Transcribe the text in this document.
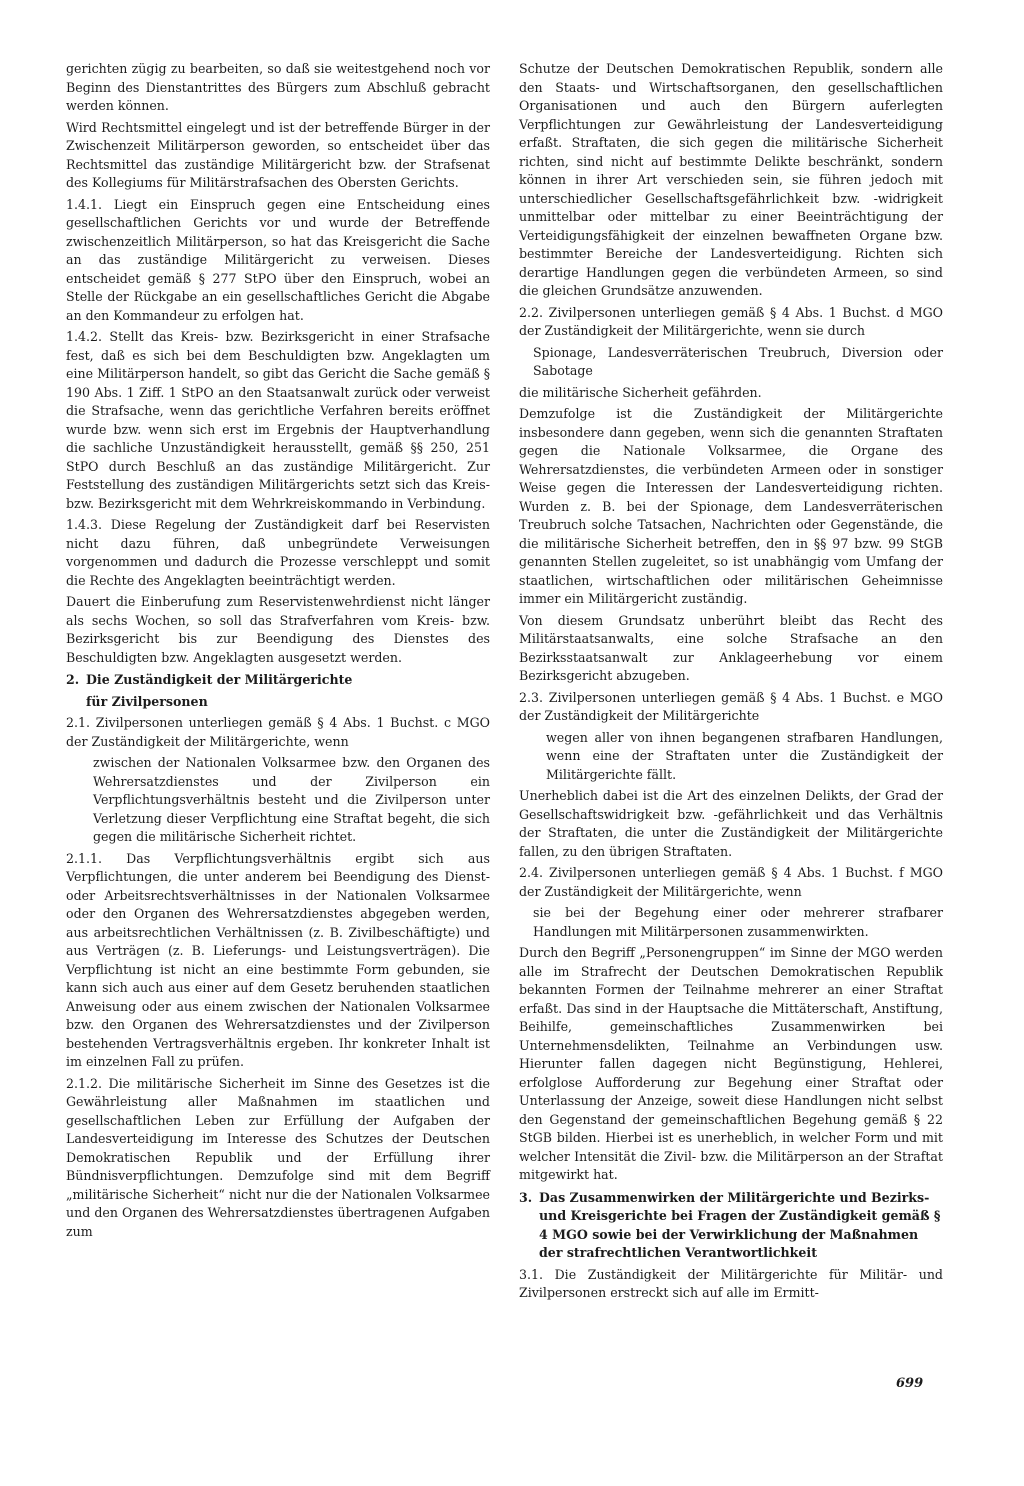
gerichten zügig zu bearbeiten, so daß sie weitestgehend noch vor Beginn des Dienstantrittes des Bürgers zum Abschluß gebracht werden können.

Wird Rechtsmittel eingelegt und ist der betreffende Bürger in der Zwischenzeit Militärperson geworden, so entscheidet über das Rechtsmittel das zuständige Militärgericht bzw. der Strafsenat des Kollegiums für Militärstrafsachen des Obersten Gerichts.

1.4.1. Liegt ein Einspruch gegen eine Entscheidung eines gesellschaftlichen Gerichts vor und wurde der Betreffende zwischenzeitlich Militärperson, so hat das Kreisgericht die Sache an das zuständige Militärgericht zu verweisen. Dieses entscheidet gemäß § 277 StPO über den Einspruch, wobei an Stelle der Rückgabe an ein gesellschaftliches Gericht die Abgabe an den Kommandeur zu erfolgen hat.

1.4.2. Stellt das Kreis- bzw. Bezirksgericht in einer Strafsache fest, daß es sich bei dem Beschuldigten bzw. Angeklagten um eine Militärperson handelt, so gibt das Gericht die Sache gemäß § 190 Abs. 1 Ziff. 1 StPO an den Staatsanwalt zurück oder verweist die Strafsache, wenn das gerichtliche Verfahren bereits eröffnet wurde bzw. wenn sich erst im Ergebnis der Hauptverhandlung die sachliche Unzuständigkeit herausstellt, gemäß §§ 250, 251 StPO durch Beschluß an das zuständige Militärgericht. Zur Feststellung des zuständigen Militärgerichts setzt sich das Kreis- bzw. Bezirksgericht mit dem Wehrkreiskommando in Verbindung.

1.4.3. Diese Regelung der Zuständigkeit darf bei Reservisten nicht dazu führen, daß unbegründete Verweisungen vorgenommen und dadurch die Prozesse verschleppt und somit die Rechte des Angeklagten beeinträchtigt werden.

Dauert die Einberufung zum Reservistenwehrdienst nicht länger als sechs Wochen, so soll das Strafverfahren vom Kreis- bzw. Bezirksgericht bis zur Beendigung des Dienstes des Beschuldigten bzw. Angeklagten ausgesetzt werden.

2. Die Zuständigkeit der Militärgerichte
für Zivilpersonen

2.1. Zivilpersonen unterliegen gemäß § 4 Abs. 1 Buchst. c MGO der Zuständigkeit der Militärgerichte, wenn

zwischen der Nationalen Volksarmee bzw. den Organen des Wehrersatzdienstes und der Zivilperson ein Verpflichtungsverhältnis besteht und die Zivilperson unter Verletzung dieser Verpflichtung eine Straftat begeht, die sich gegen die militärische Sicherheit richtet.

2.1.1. Das Verpflichtungsverhältnis ergibt sich aus Verpflichtungen, die unter anderem bei Beendigung des Dienst- oder Arbeitsrechtsverhältnisses in der Nationalen Volksarmee oder den Organen des Wehrersatzdienstes abgegeben werden, aus arbeitsrechtlichen Verhältnissen (z. B. Zivilbeschäftigte) und aus Verträgen (z. B. Lieferungs- und Leistungsverträgen). Die Verpflichtung ist nicht an eine bestimmte Form gebunden, sie kann sich auch aus einer auf dem Gesetz beruhenden staatlichen Anweisung oder aus einem zwischen der Nationalen Volksarmee bzw. den Organen des Wehrersatzdienstes und der Zivilperson bestehenden Vertragsverhältnis ergeben. Ihr konkreter Inhalt ist im einzelnen Fall zu prüfen.

2.1.2. Die militärische Sicherheit im Sinne des Gesetzes ist die Gewährleistung aller Maßnahmen im staatlichen und gesellschaftlichen Leben zur Erfüllung der Aufgaben der Landesverteidigung im Interesse des Schutzes der Deutschen Demokratischen Republik und der Erfüllung ihrer Bündnisverpflichtungen. Demzufolge sind mit dem Begriff „militärische Sicherheit“ nicht nur die der Nationalen Volksarmee und den Organen des Wehrersatzdienstes übertragenen Aufgaben zum

Schutze der Deutschen Demokratischen Republik, sondern alle den Staats- und Wirtschaftsorganen, den gesellschaftlichen Organisationen und auch den Bürgern auferlegten Verpflichtungen zur Gewährleistung der Landesverteidigung erfaßt. Straftaten, die sich gegen die militärische Sicherheit richten, sind nicht auf bestimmte Delikte beschränkt, sondern können in ihrer Art verschieden sein, sie führen jedoch mit unterschiedlicher Gesellschaftsgefährlichkeit bzw. -widrigkeit unmittelbar oder mittelbar zu einer Beeinträchtigung der Verteidigungsfähigkeit der einzelnen bewaffneten Organe bzw. bestimmter Bereiche der Landesverteidigung. Richten sich derartige Handlungen gegen die verbündeten Armeen, so sind die gleichen Grundsätze anzuwenden.

2.2. Zivilpersonen unterliegen gemäß § 4 Abs. 1 Buchst. d MGO der Zuständigkeit der Militärgerichte, wenn sie durch

Spionage, Landesverräterischen Treubruch, Diversion oder Sabotage

die militärische Sicherheit gefährden.

Demzufolge ist die Zuständigkeit der Militärgerichte insbesondere dann gegeben, wenn sich die genannten Straftaten gegen die Nationale Volksarmee, die Organe des Wehrersatzdienstes, die verbündeten Armeen oder in sonstiger Weise gegen die Interessen der Landesverteidigung richten. Wurden z. B. bei der Spionage, dem Landesverräterischen Treubruch solche Tatsachen, Nachrichten oder Gegenstände, die die militärische Sicherheit betreffen, den in §§ 97 bzw. 99 StGB genannten Stellen zugeleitet, so ist unabhängig vom Umfang der staatlichen, wirtschaftlichen oder militärischen Geheimnisse immer ein Militärgericht zuständig.

Von diesem Grundsatz unberührt bleibt das Recht des Militärstaatsanwalts, eine solche Strafsache an den Bezirksstaatsanwalt zur Anklageerhebung vor einem Bezirksgericht abzugeben.

2.3. Zivilpersonen unterliegen gemäß § 4 Abs. 1 Buchst. e MGO der Zuständigkeit der Militärgerichte

wegen aller von ihnen begangenen strafbaren Handlungen, wenn eine der Straftaten unter die Zuständigkeit der Militärgerichte fällt.

Unerheblich dabei ist die Art des einzelnen Delikts, der Grad der Gesellschaftswidrigkeit bzw. -gefährlichkeit und das Verhältnis der Straftaten, die unter die Zuständigkeit der Militärgerichte fallen, zu den übrigen Straftaten.

2.4. Zivilpersonen unterliegen gemäß § 4 Abs. 1 Buchst. f MGO der Zuständigkeit der Militärgerichte, wenn

sie bei der Begehung einer oder mehrerer strafbarer Handlungen mit Militärpersonen zusammenwirkten.

Durch den Begriff „Personengruppen“ im Sinne der MGO werden alle im Strafrecht der Deutschen Demokratischen Republik bekannten Formen der Teilnahme mehrerer an einer Straftat erfaßt. Das sind in der Hauptsache die Mittäterschaft, Anstiftung, Beihilfe, gemeinschaftliches Zusammenwirken bei Unternehmensdelikten, Teilnahme an Verbindungen usw. Hierunter fallen dagegen nicht Begünstigung, Hehlerei, erfolglose Aufforderung zur Begehung einer Straftat oder Unterlassung der Anzeige, soweit diese Handlungen nicht selbst den Gegenstand der gemeinschaftlichen Begehung gemäß § 22 StGB bilden. Hierbei ist es unerheblich, in welcher Form und mit welcher Intensität die Zivil- bzw. die Militärperson an der Straftat mitgewirkt hat.

3. Das Zusammenwirken der Militärgerichte und Bezirks- und Kreisgerichte bei Fragen der Zuständigkeit gemäß § 4 MGO sowie bei der Verwirklichung der Maßnahmen der strafrechtlichen Verantwortlichkeit

3.1. Die Zuständigkeit der Militärgerichte für Militär- und Zivilpersonen erstreckt sich auf alle im Ermitt-

699
